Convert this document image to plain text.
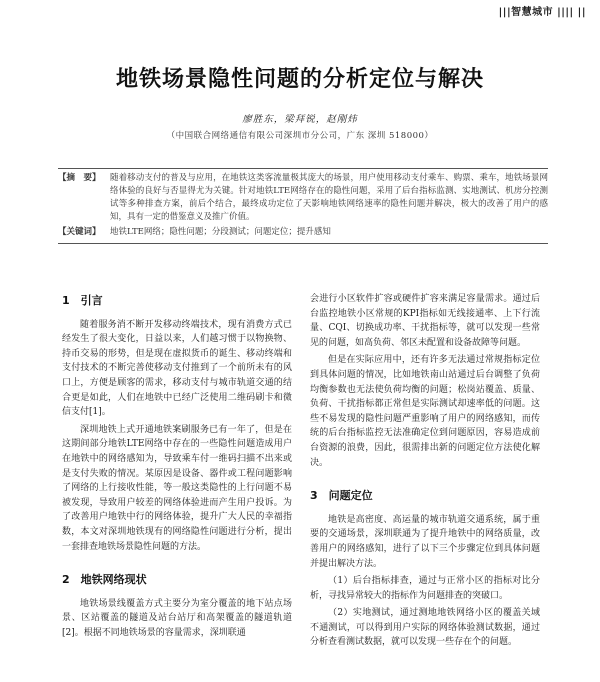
|||智慧城市 |||| ||
地铁场景隐性问题的分析定位与解决
廖胜东，梁拜锐，赵刚炜
（中国联合网络通信有限公司深圳市分公司，广东 深圳 518000）
【摘　要】	随着移动支付的普及与应用，在地铁这类客流量极其庞大的场景，用户使用移动支付乘车、购票、乘车，地铁场景网络体验的良好与否显得尤为关键。针对地铁LTE网络存在的隐性问题，采用了后台指标监测、实地测试、机房分控测试等多种排查方案，前后个结合，最终成功定位了天影响地铁网络速率的隐性问题并解决，极大的改善了用户的感知，具有一定的借鉴意义及推广价值。
【关键词】	地铁LTE网络；隐性问题；分段测试；问题定位；提升感知
1　引言

随着服务消不断开发移动终端技术，现有消费方式已经发生了很大变化，日益以来，人们越习惯于以物换物、持币交易的形势，但是现在虚拟货币的诞生、移动终端和支付技术的不断完善使移动支付推到了一个前所未有的风口上，方便是顾客的需求，移动支付与城市轨道交通的结合更是如此，人们在地铁中已经广泛使用二维码刷卡和微信支付[1]。

深圳地铁上式开通地铁案刷服务已有一年了，但是在这期间部分地铁LTE网络中存在的一些隐性问题造成用户在地铁中的网络感知为，导致乘车付一维码扫描不出来或是支付失败的情况。某原因是设备、器件或工程问题影响了网络的上行接收性能，等一般这类隐性的上行问题不易被发现，导致用户较差的网络体验进而产生用户投诉。为了改善用户地铁中行的网络体验，提升广大人民的幸福指数，本文对深圳地铁现有的网络隐性问题进行分析，提出一套排查地铁场景隐性问题的方法。

2　地铁网络现状

地铁场景线覆盖方式主要分为室分覆盖的地下站点场景、区站覆盖的隧道及站台站厅和高架覆盖的隧道轨道[2]。根据不同地铁场景的容量需求，深圳联通

会进行小区软件扩容或硬件扩容来满足容量需求。通过后台监控地铁小区常规的KPI指标如无线接通率、上下行流量、CQI、切换成功率、干扰指标等，就可以发现一些常见的问题，如高负荷、邻区未配置和设备故障等问题。

但是在实际应用中，还有许多无法通过常规指标定位到具体问题的情况，比如地铁南山站通过后台调整了负荷均衡参数也无法使负荷均衡的问题；松岗站覆盖、质量、负荷、干扰指标都正常但是实际测试却速率低的问题。这些不易发现的隐性问题严重影响了用户的网络感知，而传统的后台指标监控无法准确定位到问题原因，容易造成前台资源的浪费，因此，很需排出新的问题定位方法使化解决。

3　问题定位

地铁是高密度、高运量的城市轨道交通系统，属于重要的交通场景，深圳联通为了提升地铁中的网络质量，改善用户的网络感知，进行了以下三个步骤定位到具体问题并提出解决方法。

（1）后台指标排查，通过与正常小区的指标对比分析，寻找异常较大的指标作为问题排查的突破口。

（2）实地测试，通过测地地铁网络小区的覆盖关域不通测试，可以得到用户实际的网络体验测试数据，通过分析查看测试数据，就可以发现一些存在个的问题。
